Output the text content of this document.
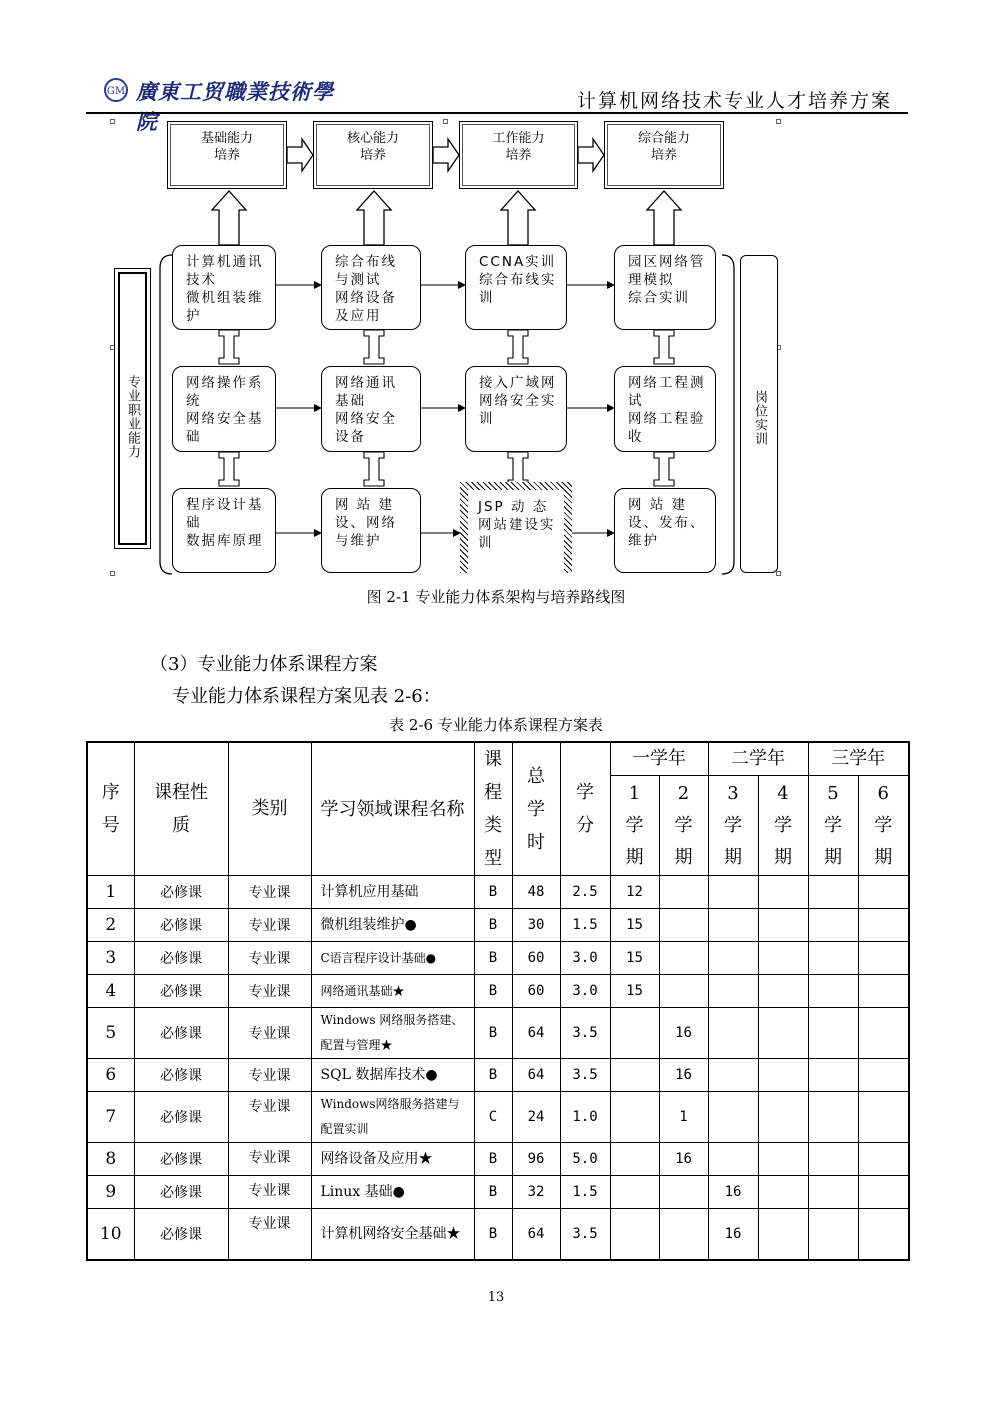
GM 廣東工贸職業技術學院
计算机网络技术专业人才培养方案
基础能力
培养
核心能力
培养
工作能力
培养
综合能力
培养
专业职业能力	岗位实训
计算机通讯技术
微机组装维护
综合布线与测试
网络设备及应用
CCNA实训
综合布线实训
园区网络管理模拟
综合实训
网络操作系统
网络安全基础
网络通讯基础
网络安全设备
接入广域网
网络安全实训
网络工程测试
网络工程验收
程序设计基础
数据库原理
网 站 建设、网络与维护
JSP 动 态网站建设实训
网 站 建设、发布、维护
图 2-1 专业能力体系架构与培养路线图
（3）专业能力体系课程方案
专业能力体系课程方案见表 2-6：
表 2-6 专业能力体系课程方案表
序号	课程性质	类别	学习领域课程名称	课程类型	总学时	学分	一学年		二学年		三学年	
							1学期	2学期	3学期	4学期	5学期	6学期
1	必修课	专业课	计算机应用基础	B	48	2.5	12					
2	必修课	专业课	微机组装维护●	B	30	1.5	15					
3	必修课	专业课	C语言程序设计基础●	B	60	3.0	15					
4	必修课	专业课	网络通讯基础★	B	60	3.0	15					
5	必修课	专业课	Windows 网络服务搭建、配置与管理★	B	64	3.5		16				
6	必修课	专业课	SQL 数据库技术●	B	64	3.5		16				
7	必修课	专业课	Windows网络服务搭建与配置实训	C	24	1.0		1				
8	必修课	专业课	网络设备及应用★	B	96	5.0		16				
9	必修课	专业课	Linux 基础●	B	32	1.5			16			
10	必修课	专业课	计算机网络安全基础★	B	64	3.5			16			
13
